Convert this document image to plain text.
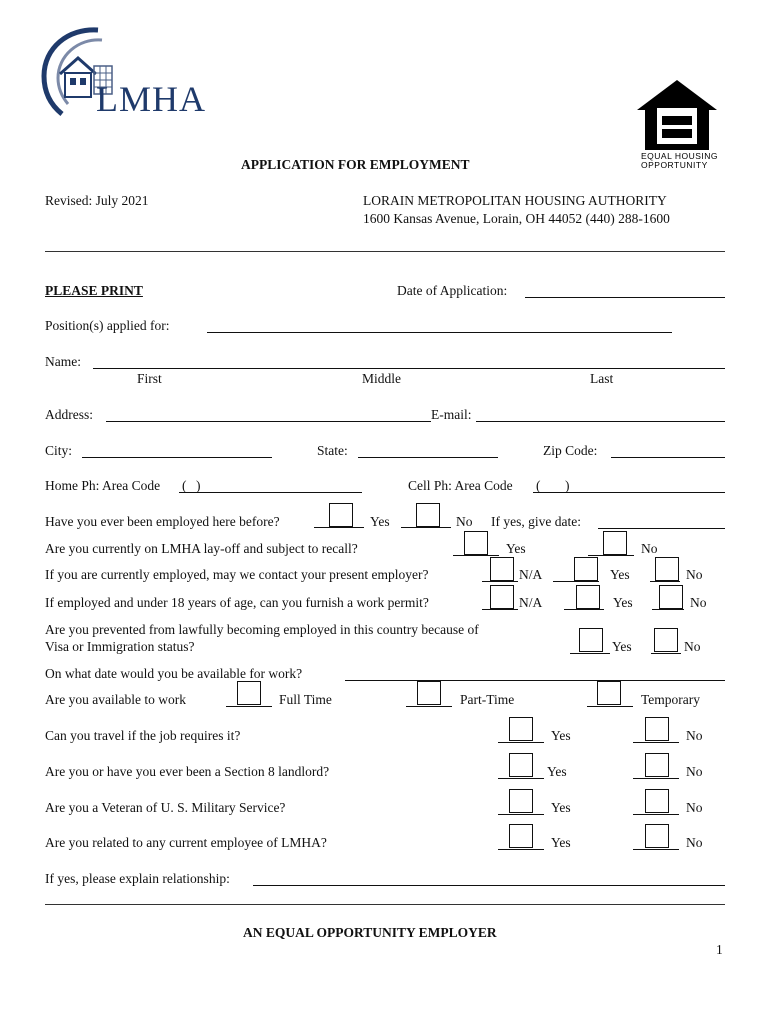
LMHA
EQUAL HOUSING
OPPORTUNITY
APPLICATION FOR EMPLOYMENT
Revised: July 2021	LORAIN METROPOLITAN HOUSING AUTHORITY
1600 Kansas Avenue, Lorain, OH 44052 (440) 288-1600
PLEASE PRINT	Date of Application:
Position(s) applied for:
Name:
First	Middle	Last
Address:	E-mail:
City:	State:	Zip Code:
Home Ph: Area Code ( )	Cell Ph: Area Code ( )
Have you ever been employed here before?	Yes	No If yes, give date:
Are you currently on LMHA lay-off and subject to recall?	Yes	No
If you are currently employed, may we contact your present employer?	N/A	Yes	No
If employed and under 18 years of age, can you furnish a work permit?	N/A	Yes	No
Are you prevented from lawfully becoming employed in this country because of
Visa or Immigration status?	Yes	No
On what date would you be available for work?
Are you available to work	Full Time	Part-Time	Temporary
Can you travel if the job requires it?	Yes	No
Are you or have you ever been a Section 8 landlord?	Yes	No
Are you a Veteran of U. S. Military Service?	Yes	No
Are you related to any current employee of LMHA?	Yes	No
If yes, please explain relationship:
AN EQUAL OPPORTUNITY EMPLOYER
1
